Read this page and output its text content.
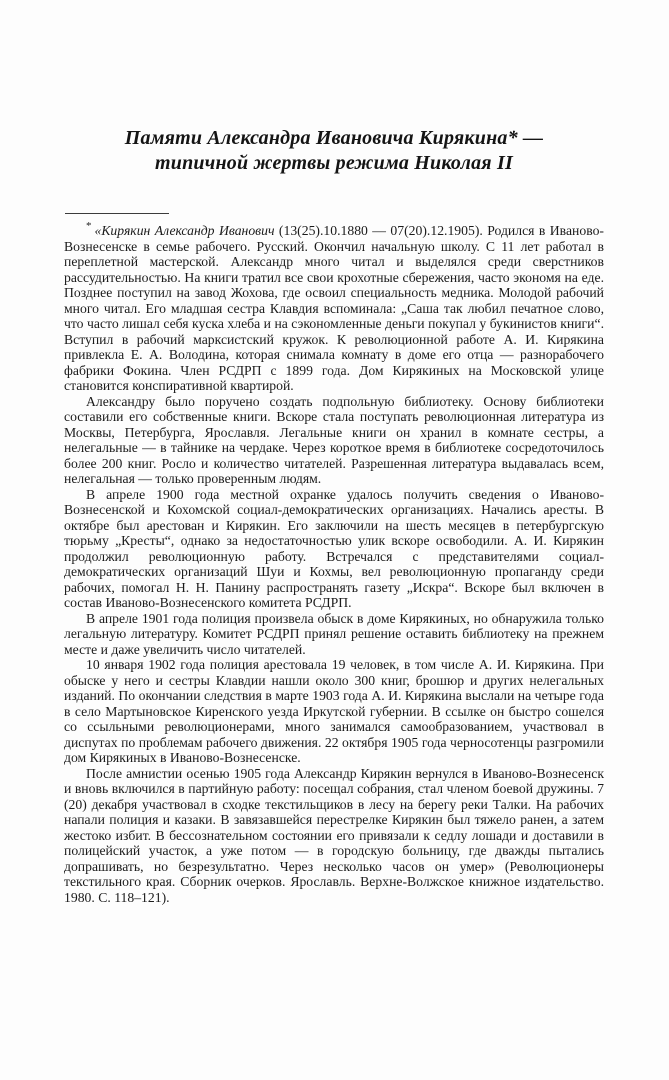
Памяти Александра Ивановича Кирякина* —
типичной жертвы режима Николая II

* «Кирякин Александр Иванович (13(25).10.1880 — 07(20).12.1905). Родился в Иваново-Вознесенске в семье рабочего. Русский. Окончил начальную школу. С 11 лет работал в переплетной мастерской. Александр много читал и выделялся среди сверстников рассудительностью. На книги тратил все свои крохотные сбережения, часто экономя на еде. Позднее поступил на завод Жохова, где освоил специальность медника. Молодой рабочий много читал. Его младшая сестра Клавдия вспоминала: „Саша так любил печатное слово, что часто лишал себя куска хлеба и на сэкономленные деньги покупал у букинистов книги“. Вступил в рабочий марксистский кружок. К революционной работе А. И. Кирякина привлекла Е. А. Володина, которая снимала комнату в доме его отца — разнорабочего фабрики Фокина. Член РСДРП с 1899 года. Дом Кирякиных на Московской улице становится конспиративной квартирой.

Александру было поручено создать подпольную библиотеку. Основу библиотеки составили его собственные книги. Вскоре стала поступать революционная литература из Москвы, Петербурга, Ярославля. Легальные книги он хранил в комнате сестры, а нелегальные — в тайнике на чердаке. Через короткое время в библиотеке сосредоточилось более 200 книг. Росло и количество читателей. Разрешенная литература выдавалась всем, нелегальная — только проверенным людям.

В апреле 1900 года местной охранке удалось получить сведения о Иваново-Вознесенской и Кохомской социал-демократических организациях. Начались аресты. В октябре был арестован и Кирякин. Его заключили на шесть месяцев в петербургскую тюрьму „Кресты“, однако за недостаточностью улик вскоре освободили. А. И. Кирякин продолжил революционную работу. Встречался с представителями социал-демократических организаций Шуи и Кохмы, вел революционную пропаганду среди рабочих, помогал Н. Н. Панину распространять газету „Искра“. Вскоре был включен в состав Иваново-Вознесенского комитета РСДРП.

В апреле 1901 года полиция произвела обыск в доме Кирякиных, но обнаружила только легальную литературу. Комитет РСДРП принял решение оставить библиотеку на прежнем месте и даже увеличить число читателей.

10 января 1902 года полиция арестовала 19 человек, в том числе А. И. Кирякина. При обыске у него и сестры Клавдии нашли около 300 книг, брошюр и других нелегальных изданий. По окончании следствия в марте 1903 года А. И. Кирякина выслали на четыре года в село Мартыновское Киренского уезда Иркутской губернии. В ссылке он быстро сошелся со ссыльными революционерами, много занимался самообразованием, участвовал в диспутах по проблемам рабочего движения. 22 октября 1905 года черносотенцы разгромили дом Кирякиных в Иваново-Вознесенске.

После амнистии осенью 1905 года Александр Кирякин вернулся в Иваново-Вознесенск и вновь включился в партийную работу: посещал собрания, стал членом боевой дружины. 7 (20) декабря участвовал в сходке текстильщиков в лесу на берегу реки Талки. На рабочих напали полиция и казаки. В завязавшейся перестрелке Кирякин был тяжело ранен, а затем жестоко избит. В бессознательном состоянии его привязали к седлу лошади и доставили в полицейский участок, а уже потом — в городскую больницу, где дважды пытались допрашивать, но безрезультатно. Через несколько часов он умер» (Революционеры текстильного края. Сборник очерков. Ярославль. Верхне-Волжское книжное издательство. 1980. С. 118–121).
